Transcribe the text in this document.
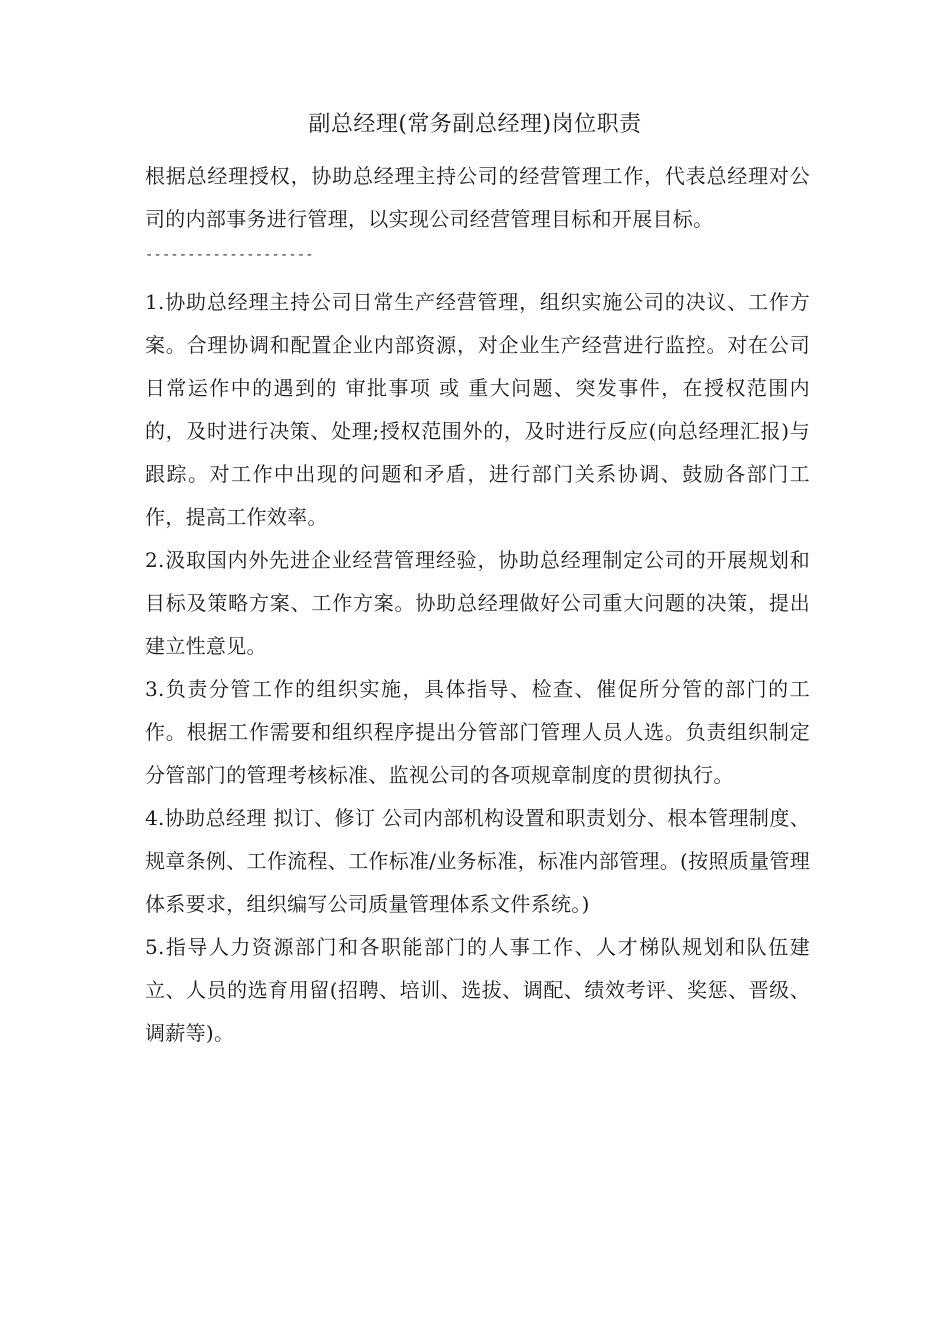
副总经理(常务副总经理)岗位职责

根据总经理授权，协助总经理主持公司的经营管理工作，代表总经理对公司的内部事务进行管理，以实现公司经营管理目标和开展目标。

--------------------

1.协助总经理主持公司日常生产经营管理，组织实施公司的决议、工作方案。合理协调和配置企业内部资源，对企业生产经营进行监控。对在公司日常运作中的遇到的 审批事项 或 重大问题、突发事件，在授权范围内的，及时进行决策、处理;授权范围外的，及时进行反应(向总经理汇报)与跟踪。对工作中出现的问题和矛盾，进行部门关系协调、鼓励各部门工作，提高工作效率。

2.汲取国内外先进企业经营管理经验，协助总经理制定公司的开展规划和目标及策略方案、工作方案。协助总经理做好公司重大问题的决策，提出建立性意见。

3.负责分管工作的组织实施，具体指导、检查、催促所分管的部门的工作。根据工作需要和组织程序提出分管部门管理人员人选。负责组织制定分管部门的管理考核标准、监视公司的各项规章制度的贯彻执行。

4.协助总经理 拟订、修订 公司内部机构设置和职责划分、根本管理制度、规章条例、工作流程、工作标准/业务标准，标准内部管理。(按照质量管理体系要求，组织编写公司质量管理体系文件系统。)

5.指导人力资源部门和各职能部门的人事工作、人才梯队规划和队伍建立、人员的选育用留(招聘、培训、选拔、调配、绩效考评、奖惩、晋级、调薪等)。
